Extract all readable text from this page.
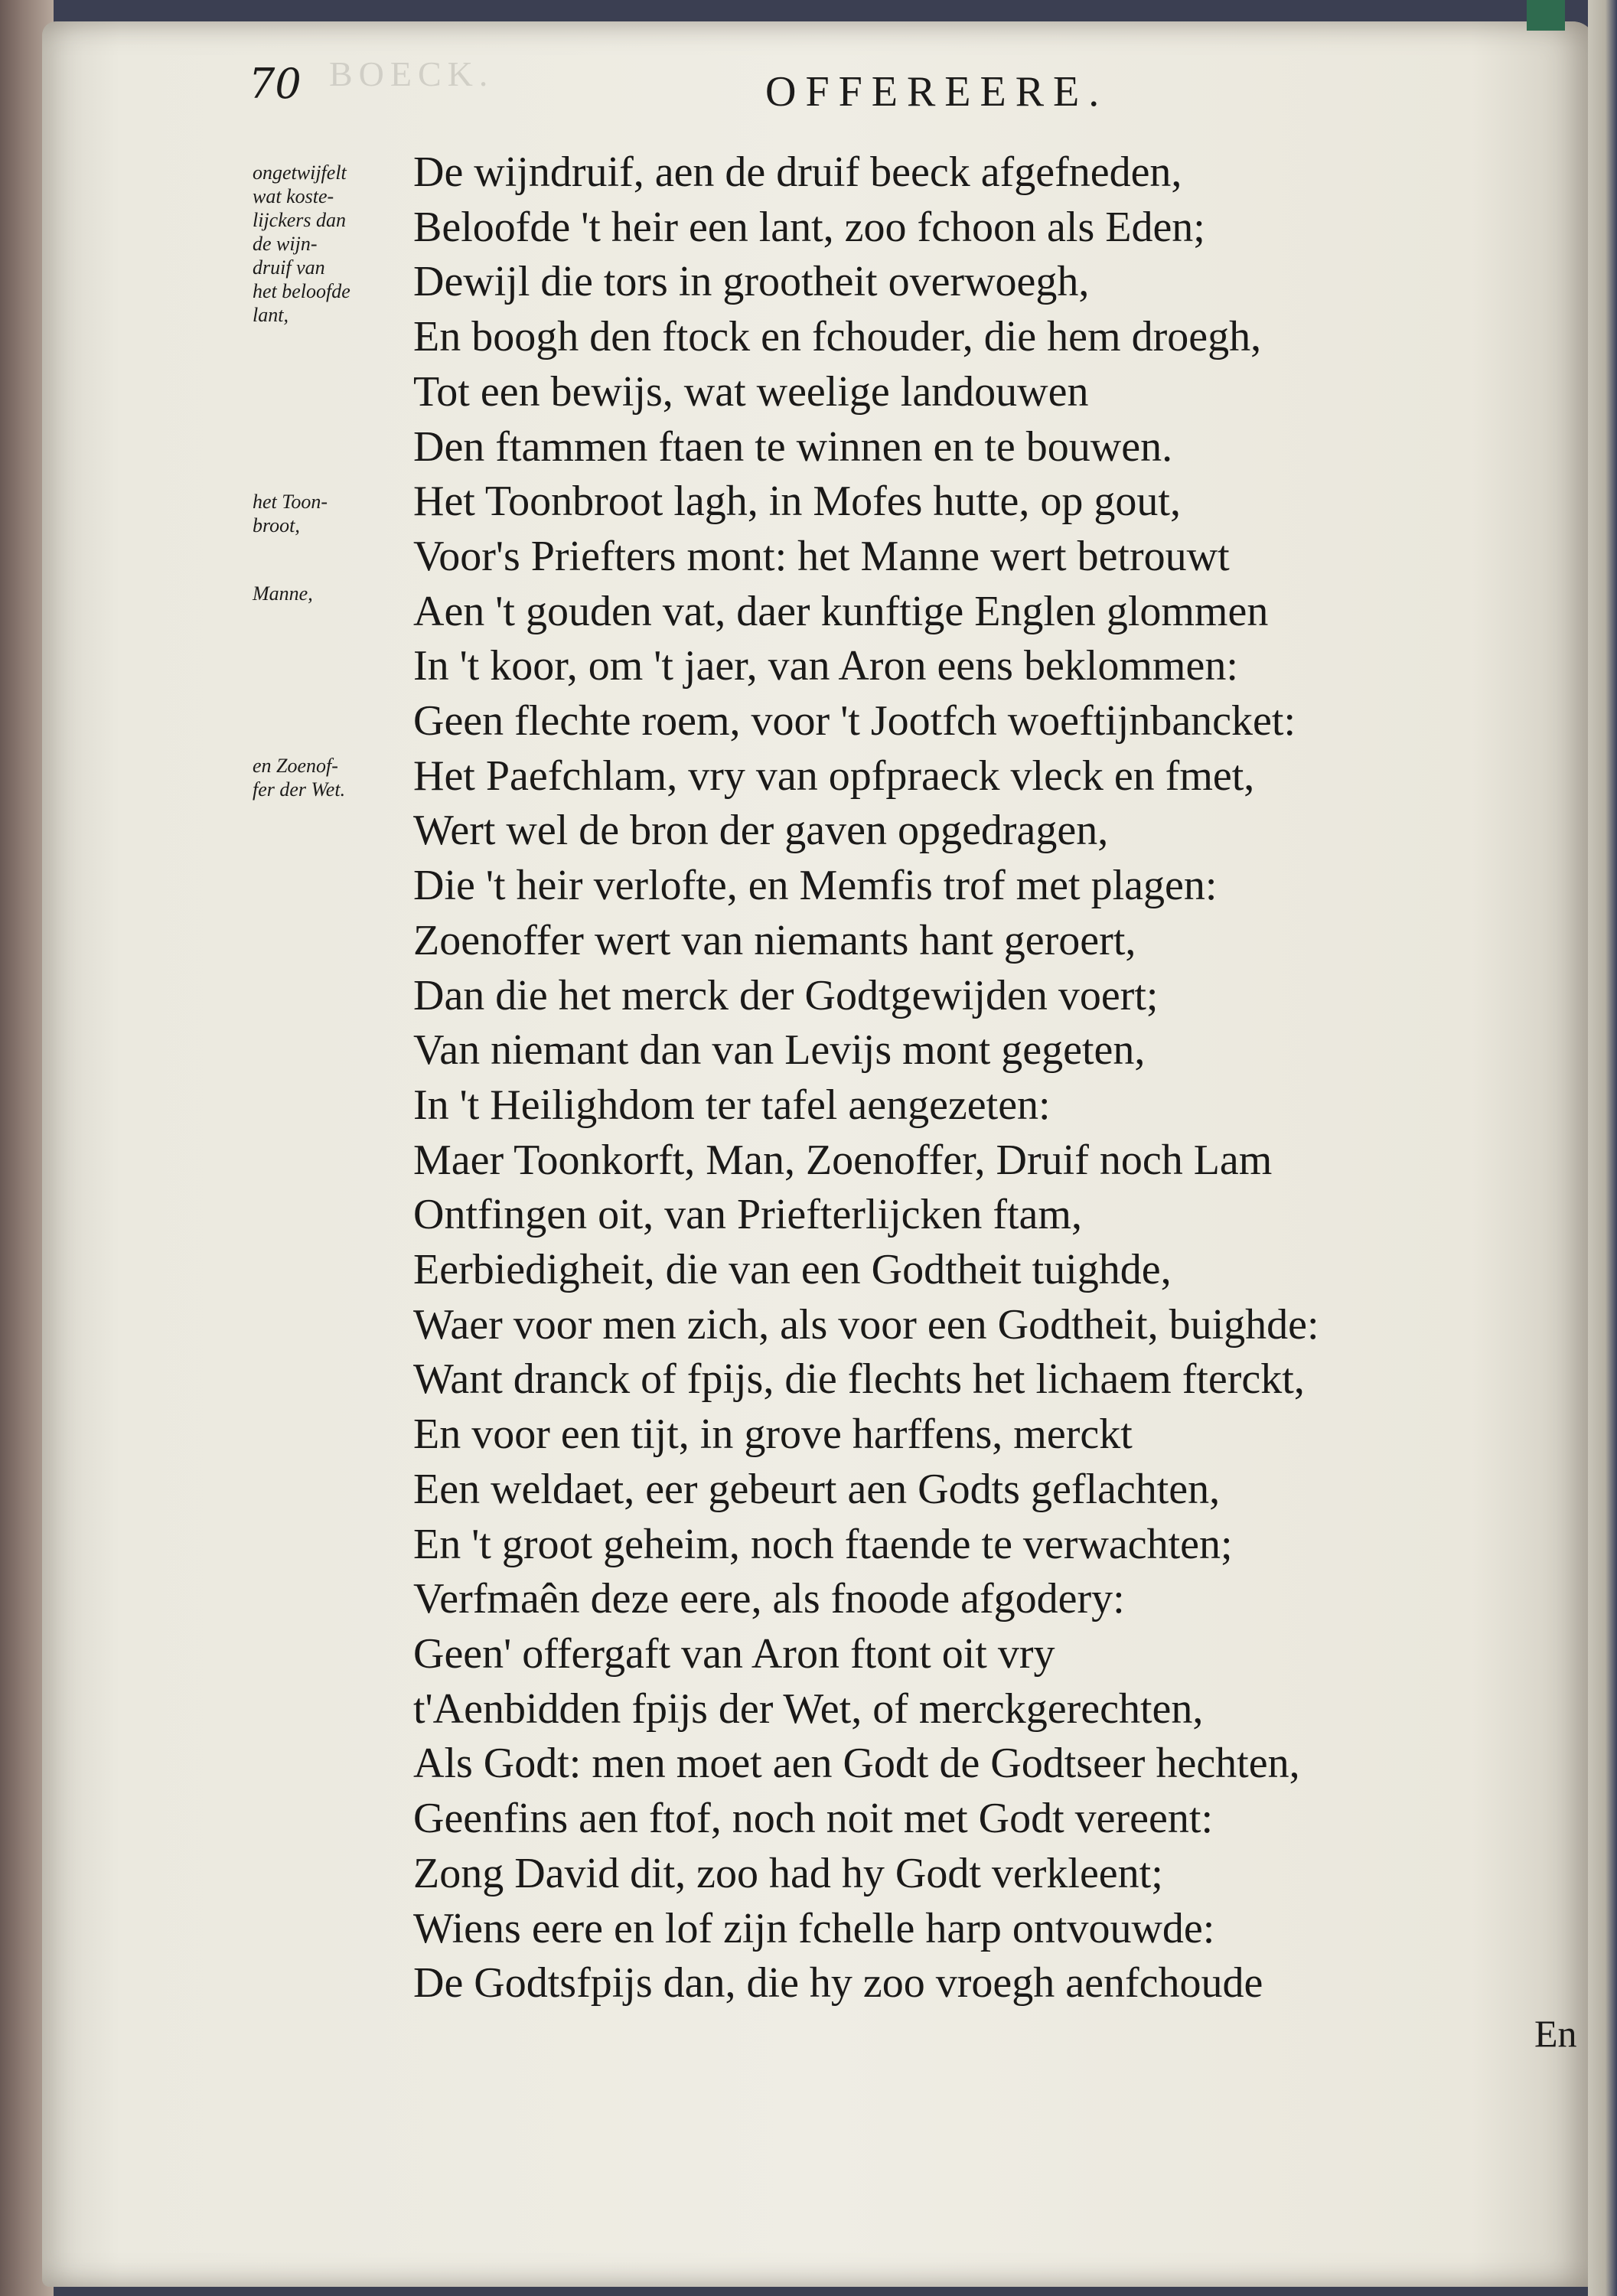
BOECK.
70	OFFEREERE.
ongetwijfelt
wat koste-
lijckers dan
de wijn-
druif van
het beloofde
lant,
het Toon-
broot,
Manne,
en Zoenof-
fer der Wet.
De wijndruif, aen de druif beeck afgefneden,
Beloofde 't heir een lant, zoo fchoon als Eden;
Dewijl die tors in grootheit overwoegh,
En boogh den ftock en fchouder, die hem droegh,
Tot een bewijs, wat weelige landouwen
Den ftammen ftaen te winnen en te bouwen.
Het Toonbroot lagh, in Mofes hutte, op gout,
Voor's Priefters mont: het Manne wert betrouwt
Aen 't gouden vat, daer kunftige Englen glommen
In 't koor, om 't jaer, van Aron eens beklommen:
Geen flechte roem, voor 't Jootfch woeftijnbancket:
Het Paefchlam, vry van opfpraeck vleck en fmet,
Wert wel de bron der gaven opgedragen,
Die 't heir verlofte, en Memfis trof met plagen:
Zoenoffer wert van niemants hant geroert,
Dan die het merck der Godtgewijden voert;
Van niemant dan van Levijs mont gegeten,
In 't Heilighdom ter tafel aengezeten:
Maer Toonkorft, Man, Zoenoffer, Druif noch Lam
Ontfingen oit, van Priefterlijcken ftam,
Eerbiedigheit, die van een Godtheit tuighde,
Waer voor men zich, als voor een Godtheit, buighde:
Want dranck of fpijs, die flechts het lichaem fterckt,
En voor een tijt, in grove harffens, merckt
Een weldaet, eer gebeurt aen Godts geflachten,
En 't groot geheim, noch ftaende te verwachten;
Verfmaên deze eere, als fnoode afgodery:
Geen' offergaft van Aron ftont oit vry
t'Aenbidden fpijs der Wet, of merckgerechten,
Als Godt: men moet aen Godt de Godtseer hechten,
Geenfins aen ftof, noch noit met Godt vereent:
Zong David dit, zoo had hy Godt verkleent;
Wiens eere en lof zijn fchelle harp ontvouwde:
De Godtsfpijs dan, die hy zoo vroegh aenfchoude
En
